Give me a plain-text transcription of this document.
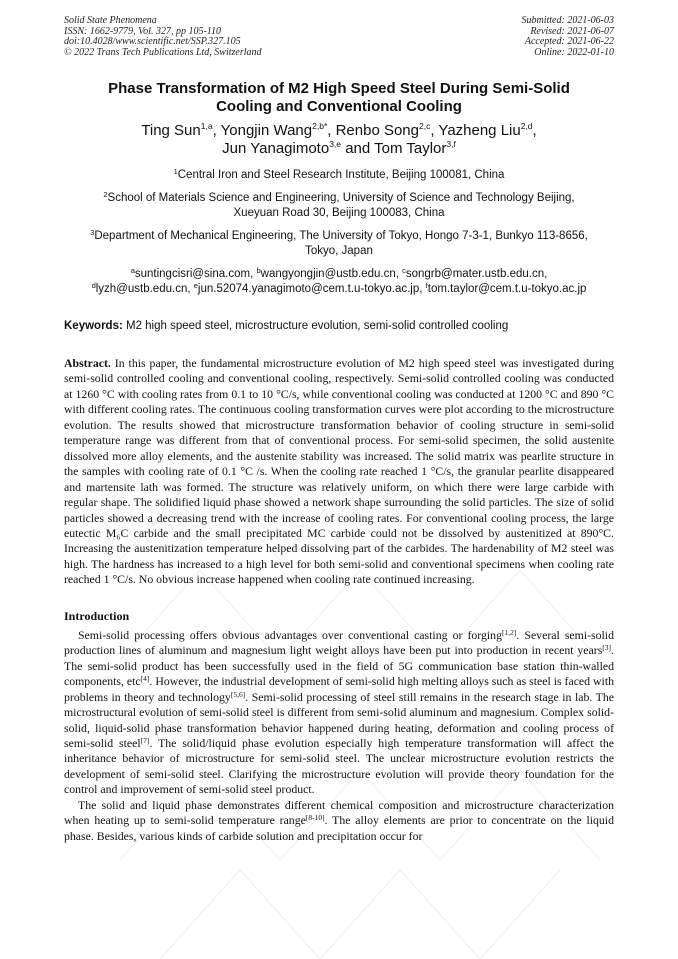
Solid State Phenomena
ISSN: 1662-9779, Vol. 327, pp 105-110
doi:10.4028/www.scientific.net/SSP.327.105
© 2022 Trans Tech Publications Ltd, Switzerland
Submitted: 2021-06-03
Revised: 2021-06-07
Accepted: 2021-06-22
Online: 2022-01-10
Phase Transformation of M2 High Speed Steel During Semi-Solid
Cooling and Conventional Cooling
Ting Sun$^{1,a}$, Yongjin Wang$^{2,b*}$, Renbo Song$^{2,c}$, Yazheng Liu$^{2,d}$,
Jun Yanagimoto$^{3,e}$ and Tom Taylor$^{3,f}$
$^1$Central Iron and Steel Research Institute, Beijing 100081, China
$^2$School of Materials Science and Engineering, University of Science and Technology Beijing,
Xueyuan Road 30, Beijing 100083, China
$^3$Department of Mechanical Engineering, The University of Tokyo, Hongo 7-3-1, Bunkyo 113-8656,
Tokyo, Japan
$^a$suntingcisri@sina.com, $^b$wangyongjin@ustb.edu.cn, $^c$songrb@mater.ustb.edu.cn,
$^d$lyzh@ustb.edu.cn, $^e$jun.52074.yanagimoto@cem.t.u-tokyo.ac.jp, $^f$tom.taylor@cem.t.u-tokyo.ac.jp
Keywords: M2 high speed steel, microstructure evolution, semi-solid controlled cooling
Abstract. In this paper, the fundamental microstructure evolution of M2 high speed steel was investigated during semi-solid controlled cooling and conventional cooling, respectively. Semi-solid controlled cooling was conducted at 1260 °C with cooling rates from 0.1 to 10 °C/s, while conventional cooling was conducted at 1200 °C and 890 °C with different cooling rates. The continuous cooling transformation curves were plot according to the microstructure evolution. The results showed that microstructure transformation behavior of cooling structure in semi-solid temperature range was different from that of conventional process. For semi-solid specimen, the solid austenite dissolved more alloy elements, and the austenite stability was increased. The solid matrix was pearlite structure in the samples with cooling rate of 0.1 °C /s. When the cooling rate reached 1 °C/s, the granular pearlite disappeared and martensite lath was formed. The structure was relatively uniform, on which there were large carbide with regular shape. The solidified liquid phase showed a network shape surrounding the solid particles. The size of solid particles showed a decreasing trend with the increase of cooling rates. For conventional cooling process, the large eutectic M₆C carbide and the small precipitated MC carbide could not be dissolved by austenitized at 890°C. Increasing the austenitization temperature helped dissolving part of the carbides. The hardenability of M2 steel was high. The hardness has increased to a high level for both semi-solid and conventional specimens when cooling rate reached 1 °C/s. No obvious increase happened when cooling rate continued increasing.
Introduction
Semi-solid processing offers obvious advantages over conventional casting or forging[1,2]. Several semi-solid production lines of aluminum and magnesium light weight alloys have been put into production in recent years[3]. The semi-solid product has been successfully used in the field of 5G communication base station thin-walled components, etc[4]. However, the industrial development of semi-solid high melting alloys such as steel is faced with problems in theory and technology[5,6]. Semi-solid processing of steel still remains in the research stage in lab. The microstructural evolution of semi-solid steel is different from semi-solid aluminum and magnesium. Complex solid-solid, liquid-solid phase transformation behavior happened during heating, deformation and cooling process of semi-solid steel[7]. The solid/liquid phase evolution especially high temperature transformation will affect the inheritance behavior of microstructure for semi-solid steel. The unclear microstructure evolution restricts the development of semi-solid steel. Clarifying the microstructure evolution will provide theory foundation for the control and improvement of semi-solid steel product.
The solid and liquid phase demonstrates different chemical composition and microstructure characterization when heating up to semi-solid temperature range[8-10]. The alloy elements are prior to concentrate on the liquid phase. Besides, various kinds of carbide solution and precipitation occur for
